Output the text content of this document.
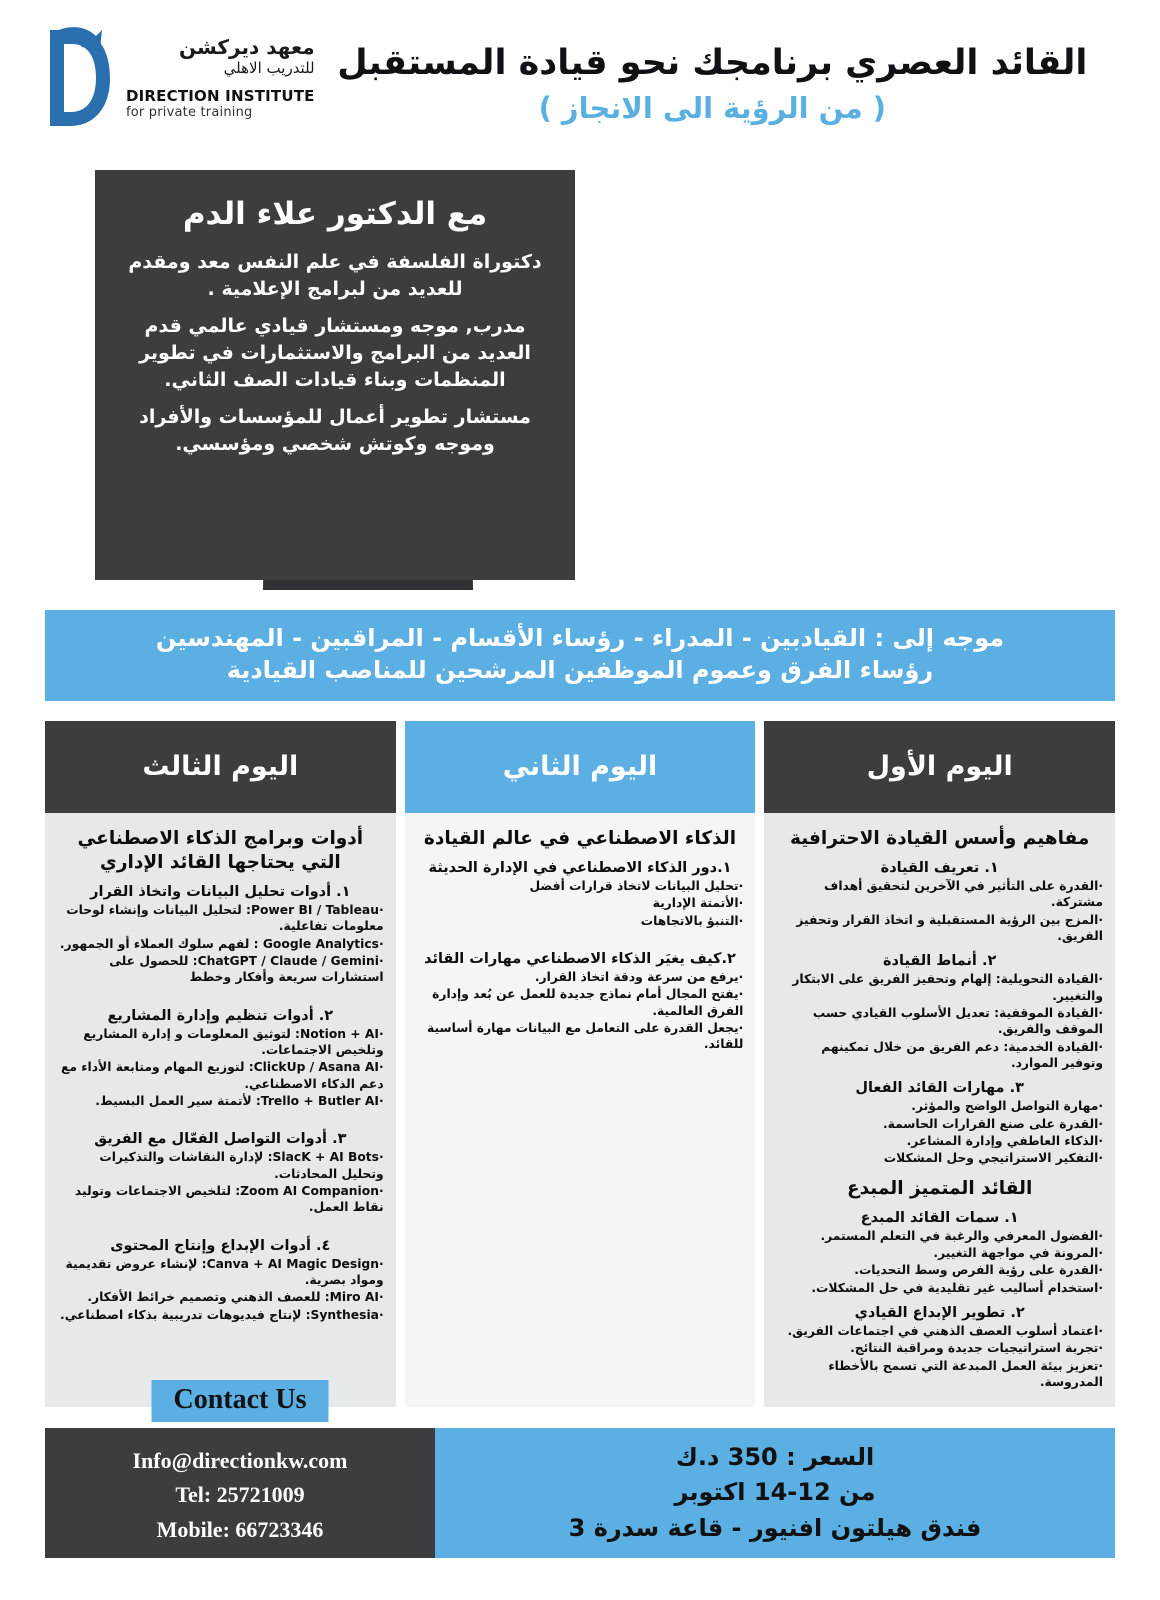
معهد ديركشن
للتدريب الاهلي
DIRECTION INSTITUTE
for private training
القائد العصري برنامجك نحو قيادة المستقبل
( من الرؤية الى الانجاز )
مع الدكتور علاء الدم

دكتوراة الفلسفة في علم النفس معد ومقدم للعديد من لبرامج الإعلامية .

مدرب, موجه ومستشار قيادي عالمي قدم العديد من البرامج والاستثمارات في تطوير المنظمات وبناء قيادات الصف الثاني.

مستشار تطوير أعمال للمؤسسات والأفراد وموجه وكوتش شخصي ومؤسسي.

موجه إلى : القيادبين - المدراء - رؤساء الأقسام - المراقبين - المهندسين
رؤساء الفرق وعموم الموظفين المرشحين للمناصب القيادية
اليوم الأول
مفاهيم وأسس القيادة الاحترافية
١. تعريف القيادة
·القدرة على التأثير في الآخرين لتحقيق أهداف مشتركة.
·المزج بين الرؤية المستقبلية و اتخاذ القرار وتحفيز الفريق.
٢. أنماط القيادة
·القيادة التحويلية: إلهام وتحفيز الفريق على الابتكار والتغيير.
·القيادة الموقفية: تعديل الأسلوب القيادي حسب الموقف والفريق.
·القيادة الخدمية: دعم الفريق من خلال تمكينهم وتوفير الموارد.
٣. مهارات القائد الفعال
·مهارة التواصل الواضح والمؤثر.
·القدرة على صنع القرارات الحاسمة.
·الذكاء العاطفي وإدارة المشاعر.
·التفكير الاستراتيجي وحل المشكلات
القائد المتميز المبدع
١. سمات القائد المبدع
·الفضول المعرفي والرغبة في التعلم المستمر.
·المرونة في مواجهة التغيير.
·القدرة على رؤية الفرص وسط التحديات.
·استخدام أساليب غير تقليدية في حل المشكلات.
٢. تطوير الإبداع القيادي
·اعتماد أسلوب العصف الذهني في اجتماعات الفريق.
·تجربة استراتيجيات جديدة ومراقبة النتائج.
·تعزيز بيئة العمل المبدعة التي تسمح بالأخطاء المدروسة.
اليوم الثاني
الذكاء الاصطناعي في عالم القيادة
١.دور الذكاء الاصطناعي في الإدارة الحديثة
·تحليل البيانات لاتخاذ قرارات أفضل
·الأتمتة الإدارية
·التنبؤ بالاتجاهات
٢.كيف يغيَر الذكاء الاصطناعي مهارات القائد
·يرفع من سرعة ودقة اتخاذ القرار.
·يفتح المجال أمام نماذج جديدة للعمل عن بُعد وإدارة الفرق العالمية.
·يجعل القدرة على التعامل مع البيانات مهارة أساسية للقائد.
اليوم الثالث
أدوات وبرامج الذكاء الاصطناعي التي يحتاجها القائد الإداري
١. أدوات تحليل البيانات واتخاذ القرار
·Power BI / Tableau: لتحليل البيانات وإنشاء لوحات معلومات تفاعلية.
·Google Analytics : لفهم سلوك العملاء أو الجمهور.
·ChatGPT / Claude / Gemini: للحصول على استشارات سريعة وأفكار وخطط
٢. أدوات تنظيم وإدارة المشاريع
·Notion + AI: لتوثيق المعلومات و إدارة المشاريع وتلخيص الاجتماعات.
·ClickUp / Asana AI: لتوزيع المهام ومتابعة الأداء مع دعم الذكاء الاصطناعي.
·Trello + Butler AI: لأتمتة سير العمل البسيط.
٣. أدوات التواصل الفعّال مع الفريق
·SlacK + AI Bots: لإدارة النقاشات والتذكيرات وتحليل المحادثات.
·Zoom AI Companion: لتلخيص الاجتماعات وتوليد نقاط العمل.
٤. أدوات الإبداع وإنتاج المحتوى
·Canva + AI Magic Design: لإنشاء عروض تقديمية ومواد بصرية.
·Miro AI: للعصف الذهني وتصميم خرائط الأفكار.
·Synthesia: لإنتاج فيديوهات تدريبية بذكاء اصطناعي.
السعر : 350 د.ك
من 12-14 اكتوبر
فندق هيلتون افنيور - قاعة سدرة 3
Contact Us
Info@directionkw.com
Tel: 25721009
Mobile: 66723346
